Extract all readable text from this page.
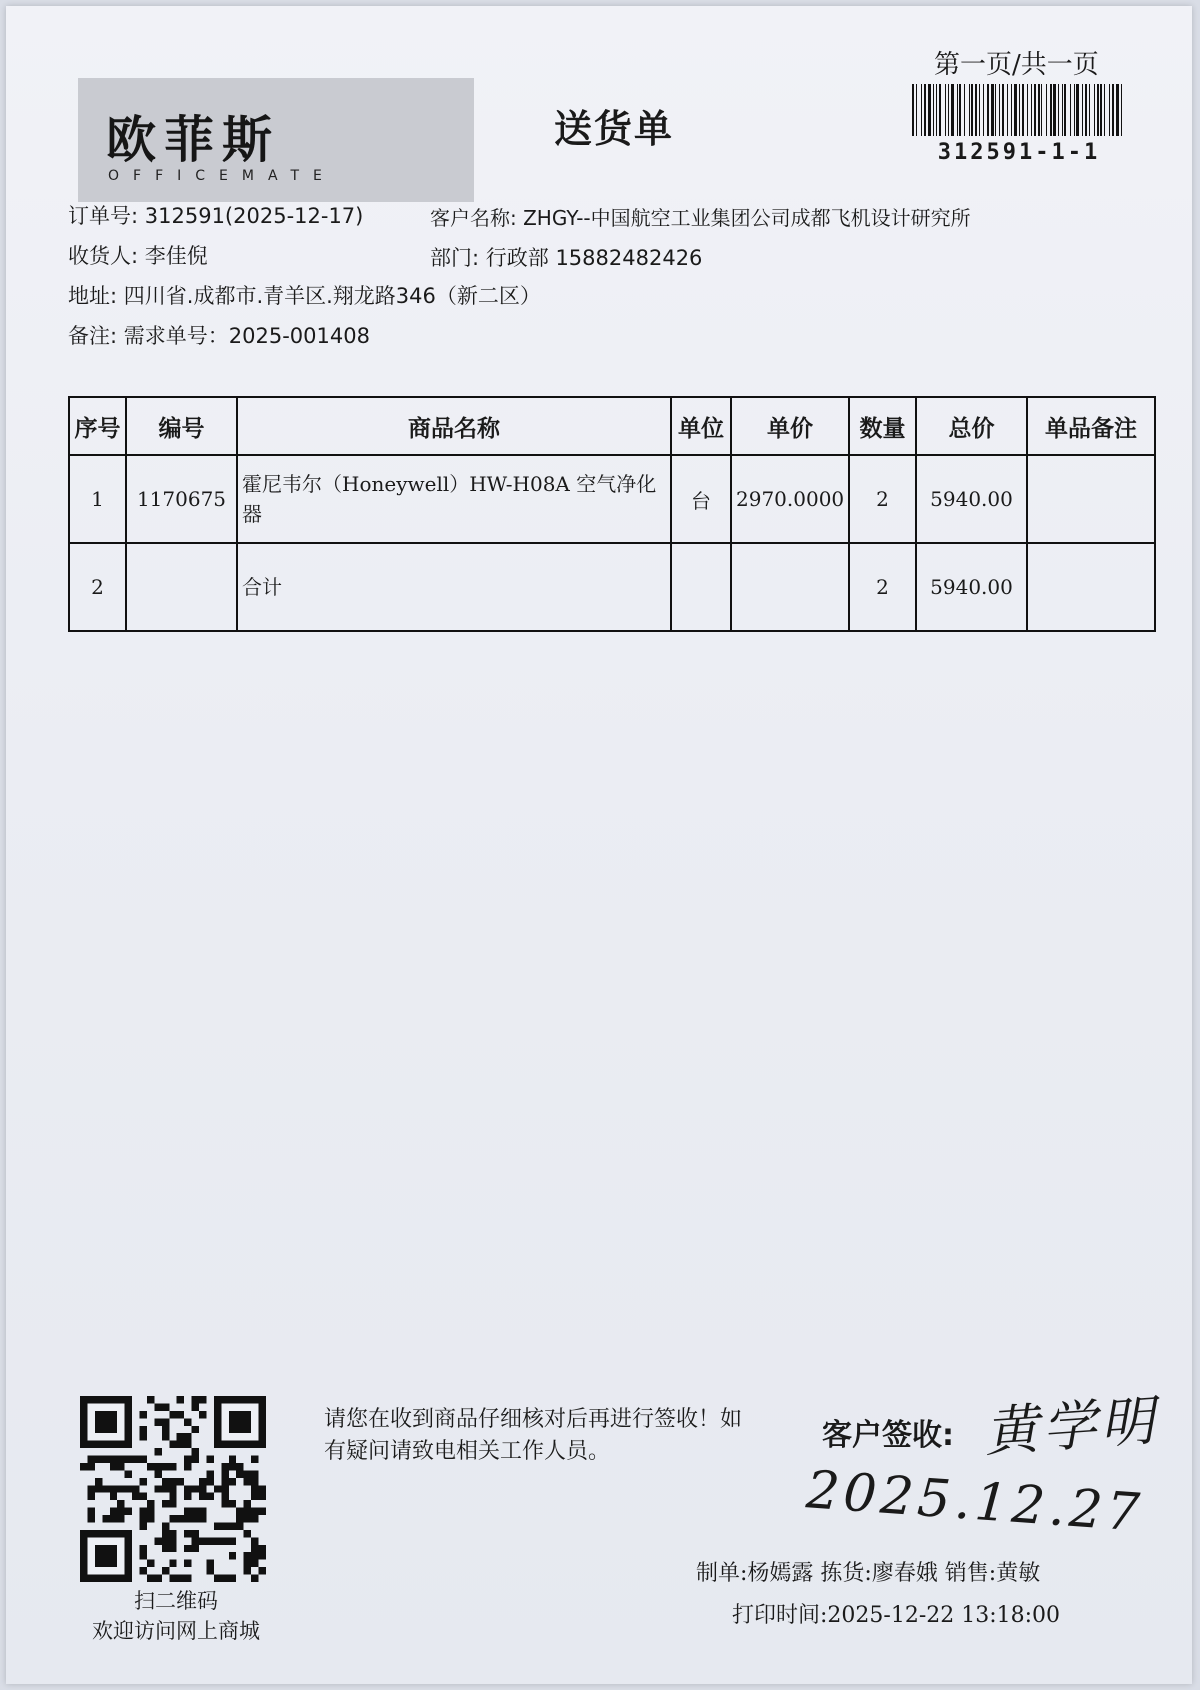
欧菲斯
OFFICEMATE
送货单
第一页/共一页
312591-1-1
订单号: 312591(2025-12-17)	客户名称: ZHGY--中国航空工业集团公司成都飞机设计研究所
收货人: 李佳倪	部门: 行政部 15882482426
地址: 四川省.成都市.青羊区.翔龙路346（新二区）
备注: 需求单号：2025-001408
序号	编号	商品名称	单位	单价	数量	总价	单品备注
1	1170675	霍尼韦尔（Honeywell）HW-H08A 空气净化器	台	2970.0000	2	5940.00	
2		合计			2	5940.00	
扫二维码
欢迎访问网上商城
请您在收到商品仔细核对后再进行签收！如有疑问请致电相关工作人员。	客户签收: 黄学明
2025.12.27
制单:杨嫣露 拣货:廖春娥 销售:黄敏
打印时间:2025-12-22 13:18:00
